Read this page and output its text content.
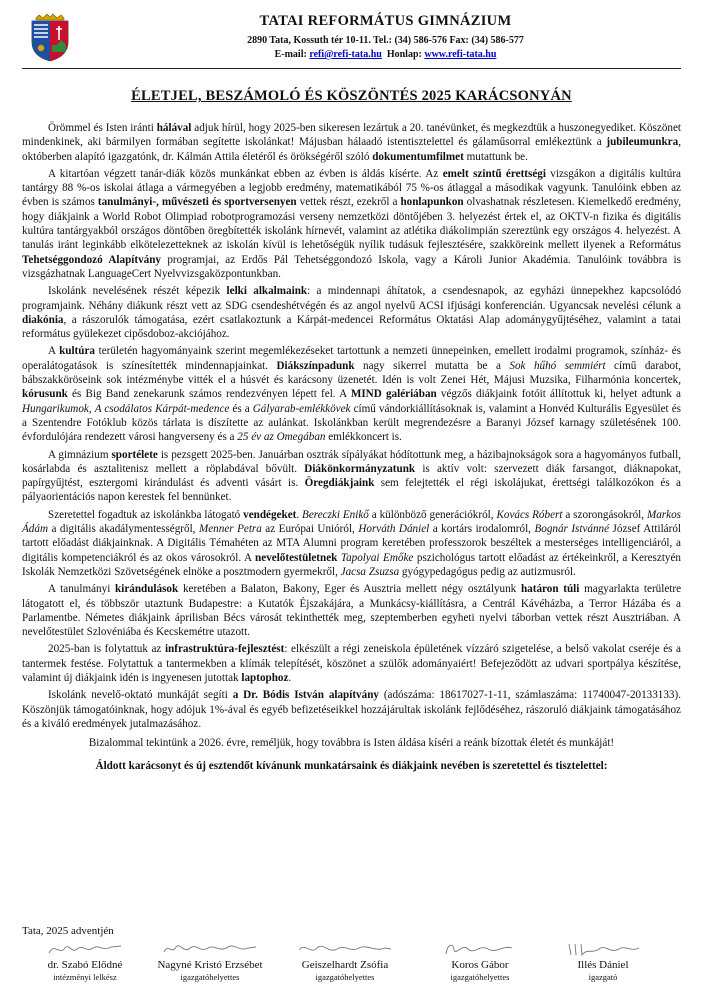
TATAI REFORMÁTUS GIMNÁZIUM
2890 Tata, Kossuth tér 10-11. Tel.: (34) 586-576 Fax: (34) 586-577
E-mail: refi@refi-tata.hu Honlap: www.refi-tata.hu
ÉLETJEL, BESZÁMOLÓ ÉS KÖSZÖNTÉS 2025 KARÁCSONYÁN

Örömmel és Isten iránti hálával adjuk hírül, hogy 2025-ben sikeresen lezártuk a 20. tanévünket, és megkezdtük a huszonegyediket. Köszönet mindenkinek, aki bármilyen formában segítette iskolánkat! Májusban hálaadó istentisztelettel és gálaműsorral emlékeztünk a jubileumunkra, októberben alapító igazgatónk, dr. Kálmán Attila életéről és örökségéről szóló dokumentumfilmet mutattunk be.

A kitartóan végzett tanár-diák közös munkánkat ebben az évben is áldás kísérte. Az emelt szintű érettségi vizsgákon a digitális kultúra tantárgy 88 %-os iskolai átlaga a vármegyében a legjobb eredmény, matematikából 75 %-os átlaggal a másodikak vagyunk. Tanulóink ebben az évben is számos tanulmányi-, művészeti és sportversenyen vettek részt, ezekről a honlapunkon olvashatnak részletesen. Kiemelkedő eredmény, hogy diákjaink a World Robot Olimpiad robotprogramozási verseny nemzetközi döntőjében 3. helyezést értek el, az OKTV-n fizika és digitális kultúra tantárgyakból országos döntőben öregbítették iskolánk hírnevét, valamint az atlétika diákolimpián szereztünk egy országos 4. helyezést. A tanulás iránt leginkább elkötelezetteknek az iskolán kívül is lehetőségük nyílik tudásuk fejlesztésére, szakköreink mellett ilyenek a Református Tehetséggondozó Alapítvány programjai, az Erdős Pál Tehetséggondozó Iskola, vagy a Károli Junior Akadémia. Tanulóink továbbra is vizsgázhatnak LanguageCert Nyelvvizsgaközpontunkban.

Iskolánk nevelésének részét képezik lelki alkalmaink: a mindennapi áhítatok, a csendesnapok, az egyházi ünnepekhez kapcsolódó programjaink. Néhány diákunk részt vett az SDG csendeshétvégén és az angol nyelvű ACSI ifjúsági konferencián. Ugyancsak nevelési célunk a diakónia, a rászorulók támogatása, ezért csatlakoztunk a Kárpát-medencei Református Oktatási Alap adománygyűjtéséhez, valamint a tatai református gyülekezet cipősdoboz-akciójához.

A kultúra területén hagyományaink szerint megemlékezéseket tartottunk a nemzeti ünnepeinken, emellett irodalmi programok, színház- és operalátogatások is színesítették mindennapjainkat. Diákszínpadunk nagy sikerrel mutatta be a Sok hűhó semmiért című darabot, bábszakköröseink sok intézménybe vitték el a húsvét és karácsony üzenetét. Idén is volt Zenei Hét, Májusi Muzsika, Filharmónia koncertek, kórusunk és Big Band zenekarunk számos rendezvényen lépett fel. A MIND galériában végzős diákjaink fotóit állítottuk ki, helyet adtunk a Hungarikumok, A csodálatos Kárpát-medence és a Gályarab-emlékkövek című vándorkiállításoknak is, valamint a Honvéd Kulturális Egyesület és a Szentendre Fotóklub közös tárlata is díszítette az aulánkat. Iskolánkban került megrendezésre a Baranyi József karnagy születésének 100. évfordulójára rendezett városi hangverseny és a 25 év az Omegában emlékkoncert is.

A gimnázium sportélete is pezsgett 2025-ben. Januárban osztrák sípályákat hódítottunk meg, a házibajnokságok sora a hagyományos futball, kosárlabda és asztalitenisz mellett a röplabdával bővült. Diákönkormányzatunk is aktív volt: szervezett diák farsangot, diáknapokat, papírgyűjtést, esztergomi kirándulást és adventi vásárt is. Öregdiákjaink sem felejtették el régi iskolájukat, érettségi találkozókon és a pályaorientációs napon kerestek fel bennünket.

Szeretettel fogadtuk az iskolánkba látogató vendégeket. Bereczki Enikő a különböző generációkról, Kovács Róbert a szorongásokról, Markos Ádám a digitális akadálymentességről, Menner Petra az Európai Unióról, Horváth Dániel a kortárs irodalomról, Bognár Istvánné József Attiláról tartott előadást diákjainknak. A Digitális Témahéten az MTA Alumni program keretében professzorok beszéltek a mesterséges intelligenciáról, a digitális kompetenciákról és az okos városokról. A nevelőtestületnek Tapolyai Emőke pszichológus tartott előadást az értékeinkről, a Keresztyén Iskolák Nemzetközi Szövetségének elnöke a posztmodern gyermekről, Jacsa Zsuzsa gyógypedagógus pedig az autizmusról.

A tanulmányi kirándulások keretében a Balaton, Bakony, Eger és Ausztria mellett négy osztályunk határon túli magyarlakta területre látogatott el, és többször utaztunk Budapestre: a Kutatók Éjszakájára, a Munkácsy-kiállításra, a Centrál Kávéházba, a Terror Házába és a Parlamentbe. Németes diákjaink áprilisban Bécs városát tekinthették meg, szeptemberben egyheti nyelvi táborban vettek részt Ausztriában. A nevelőtestület Szlovéniába és Kecskemétre utazott.

2025-ban is folytattuk az infrastruktúra-fejlesztést: elkészült a régi zeneiskola épületének vízzáró szigetelése, a belső vakolat cseréje és a tantermek festése. Folytattuk a tantermekben a klímák telepítését, köszönet a szülők adományaiért! Befejeződött az udvari sportpálya készítése, valamint új diákjaink idén is ingyenesen jutottak laptophoz.

Iskolánk nevelő-oktató munkáját segíti a Dr. Bódis István alapítvány (adószáma: 18617027-1-11, számlaszáma: 11740047-20133133). Köszönjük támogatóinknak, hogy adójuk 1%-ával és egyéb befizetéseikkel hozzájárultak iskolánk fejlődéséhez, rászoruló diákjaink támogatásához és a kiváló eredmények jutalmazásához.

Bizalommal tekintünk a 2026. évre, reméljük, hogy továbbra is Isten áldása kíséri a reánk bízottak életét és munkáját!

Áldott karácsonyt és új esztendőt kívánunk munkatársaink és diákjaink nevében is szeretettel és tisztelettel:

Tata, 2025 adventjén
dr. Szabó Elődné
intézményi lelkész
Nagyné Kristó Erzsébet
igazgatóhelyettes
Geiszelhardt Zsófia
igazgatóhelyettes
Koros Gábor
igazgatóhelyettes
Illés Dániel
igazgató
